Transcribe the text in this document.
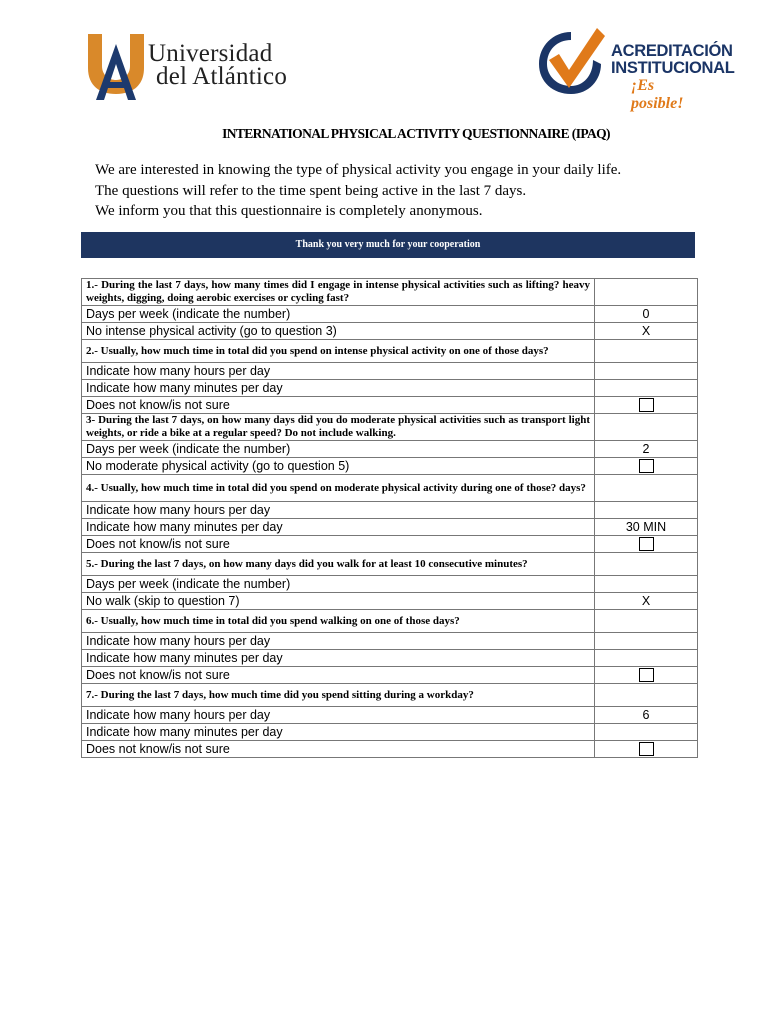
Universidad
del Atlántico
ACREDITACIÓN
INSTITUCIONAL
¡Es posible!
INTERNATIONAL PHYSICAL ACTIVITY QUESTIONNAIRE (IPAQ)
We are interested in knowing the type of physical activity you engage in your daily life.
The questions will refer to the time spent being active in the last 7 days.
We inform you that this questionnaire is completely anonymous.
Thank you very much for your cooperation
1.- During the last 7 days, how many times did I engage in intense physical activities such as lifting? heavy weights, digging, doing aerobic exercises or cycling fast?	
Days per week (indicate the number)	0
No intense physical activity (go to question 3)	X
2.- Usually, how much time in total did you spend on intense physical activity on one of those days?	
Indicate how many hours per day	
Indicate how many minutes per day	
Does not know/is not sure	
3- During the last 7 days, on how many days did you do moderate physical activities such as transport light weights, or ride a bike at a regular speed? Do not include walking.	
Days per week (indicate the number)	2
No moderate physical activity (go to question 5)	
4.- Usually, how much time in total did you spend on moderate physical activity during one of those? days?	
Indicate how many hours per day	
Indicate how many minutes per day	30 MIN
Does not know/is not sure	
5.- During the last 7 days, on how many days did you walk for at least 10 consecutive minutes?	
Days per week (indicate the number)	
No walk (skip to question 7)	X
6.- Usually, how much time in total did you spend walking on one of those days?	
Indicate how many hours per day	
Indicate how many minutes per day	
Does not know/is not sure	
7.- During the last 7 days, how much time did you spend sitting during a workday?	
Indicate how many hours per day	6
Indicate how many minutes per day	
Does not know/is not sure	
